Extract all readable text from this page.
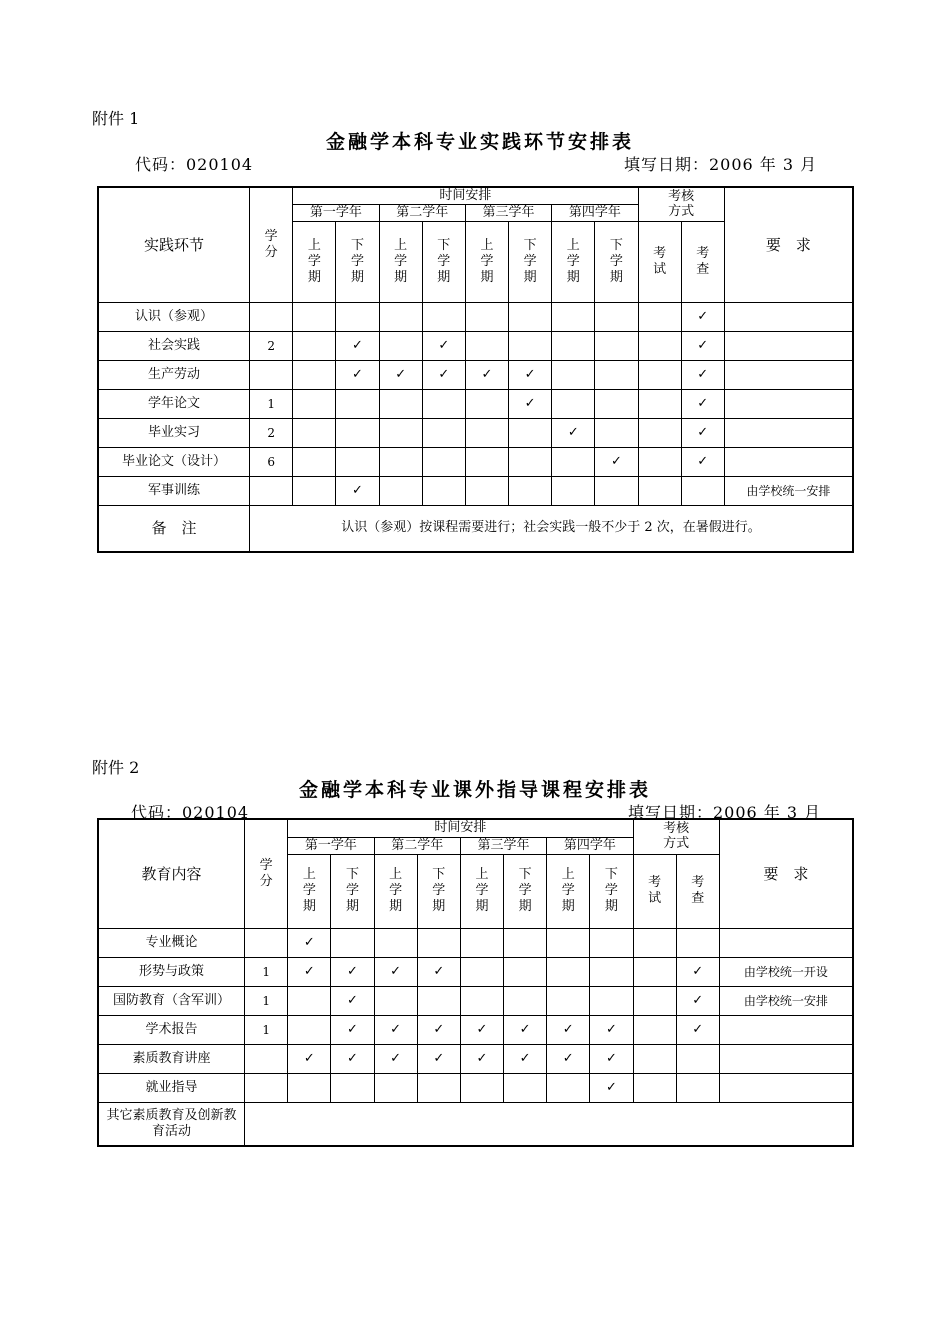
附件 1
金融学本科专业实践环节安排表
代码：020104	填写日期：2006 年 3 月
实践环节	学分	时间安排								考核方式		要　求
		第一学年		第二学年		第三学年		第四学年				
		上学期	下学期	上学期	下学期	上学期	下学期	上学期	下学期	考试	考查	
认识（参观）											✓	
社会实践	2		✓		✓						✓	
生产劳动			✓	✓	✓	✓	✓				✓	
学年论文	1						✓				✓	
毕业实习	2							✓			✓	
毕业论文（设计）	6								✓		✓	
军事训练			✓									由学校统一安排
备　注	认识（参观）按课程需要进行；社会实践一般不少于 2 次，在暑假进行。											
附件 2
金融学本科专业课外指导课程安排表
代码：020104	填写日期：2006 年 3 月
教育内容	学分	时间安排								考核方式		要　求
		第一学年		第二学年		第三学年		第四学年				
		上学期	下学期	上学期	下学期	上学期	下学期	上学期	下学期	考试	考查	
专业概论		✓										
形势与政策	1	✓	✓	✓	✓						✓	由学校统一开设
国防教育（含军训）	1		✓								✓	由学校统一安排
学术报告	1		✓	✓	✓	✓	✓	✓	✓		✓	
素质教育讲座		✓	✓	✓	✓	✓	✓	✓	✓			
就业指导									✓			
其它素质教育及创新教育活动												
